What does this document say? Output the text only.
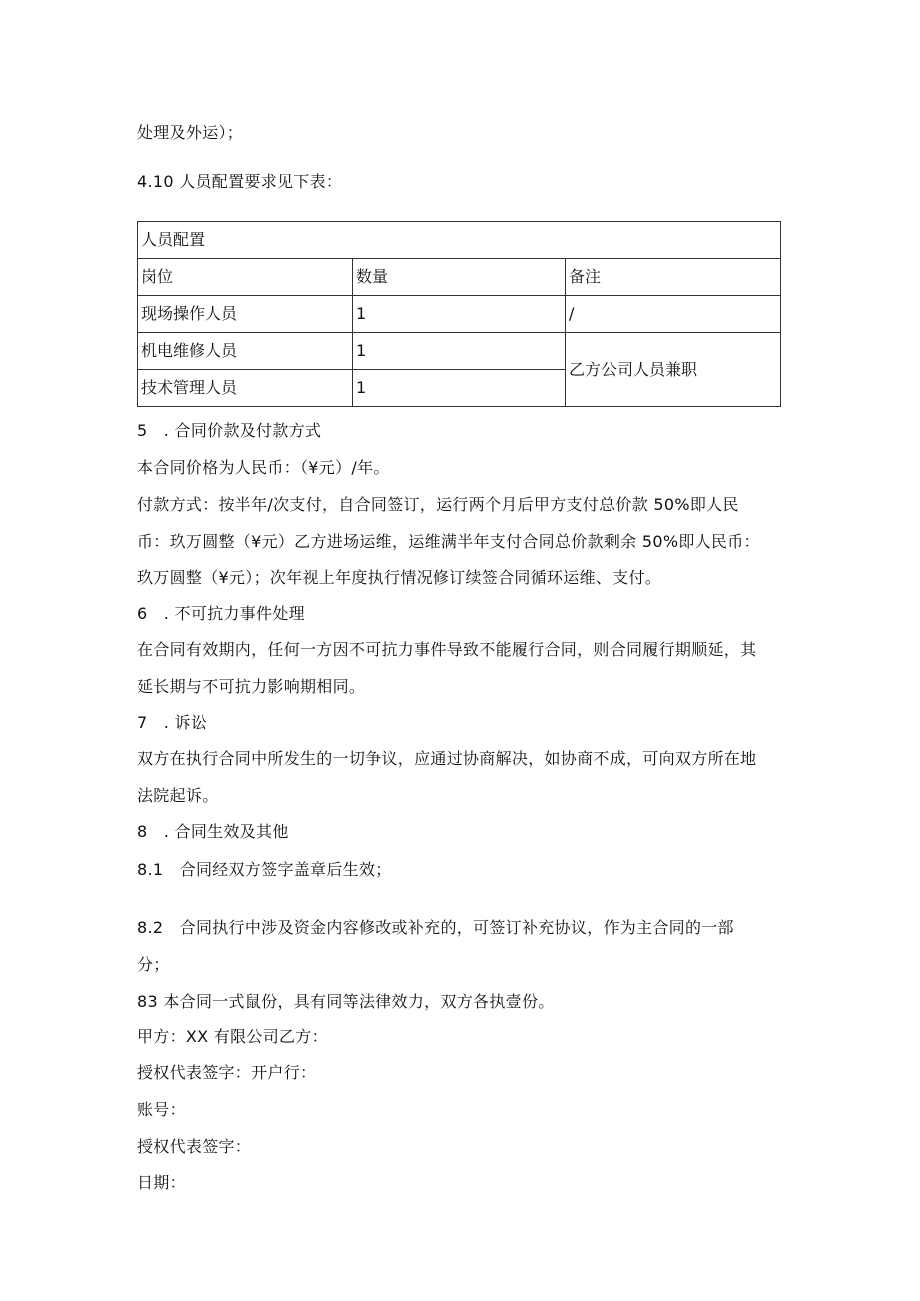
处理及外运）；
4.10 人员配置要求见下表：
人员配置		
岗位	数量	备注
现场操作人员	1	/
机电维修人员	1	乙方公司人员兼职
技术管理人员	1	
5　. 合同价款及付款方式
本合同价格为人民币：（¥元）/年。
付款方式：按半年/次支付，自合同签订，运行两个月后甲方支付总价款 50%即人民
币：玖万圆整（¥元）乙方进场运维，运维满半年支付合同总价款剩余 50%即人民币：
玖万圆整（¥元）；次年视上年度执行情况修订续签合同循环运维、支付。
6　. 不可抗力事件处理
在合同有效期内，任何一方因不可抗力事件导致不能履行合同，则合同履行期顺延，其
延长期与不可抗力影响期相同。
7　. 诉讼
双方在执行合同中所发生的一切争议，应通过协商解决，如协商不成，可向双方所在地
法院起诉。
8　. 合同生效及其他
8.1　合同经双方签字盖章后生效；
8.2　合同执行中涉及资金内容修改或补充的，可签订补充协议，作为主合同的一部
分；
83 本合同一式鼠份，具有同等法律效力，双方各执壹份。
甲方：XX 有限公司乙方：
授权代表签字：开户行：
账号：
授权代表签字：
日期：
